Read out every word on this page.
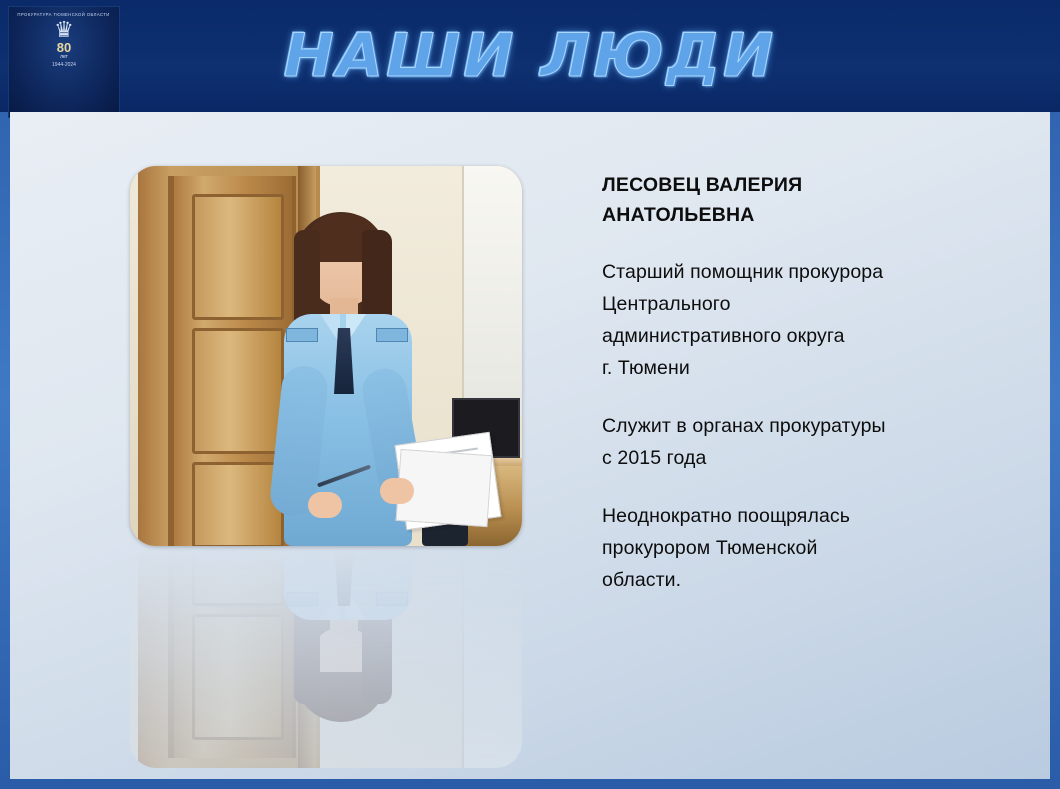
ПРОКУРАТУРА ТЮМЕНСКОЙ ОБЛАСТИ
♛
80
лет
1944-2024	НАШИ ЛЮДИ
ЛЕСОВЕЦ ВАЛЕРИЯ
АНАТОЛЬЕВНА
Старший помощник прокурора
Центрального
административного округа
г. Тюмени
Служит в органах прокуратуры
с 2015 года
Неоднократно поощрялась
прокурором Тюменской
области.
